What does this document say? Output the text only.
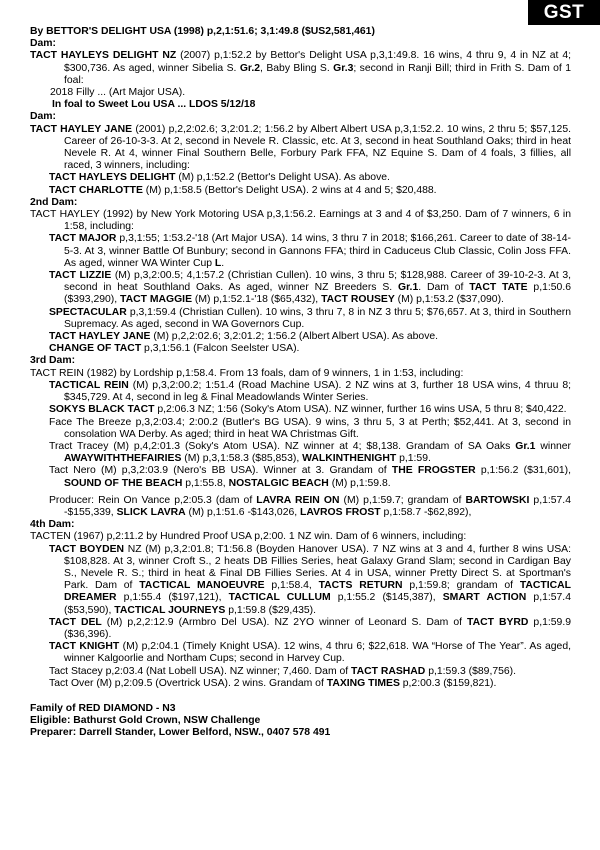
GST
By BETTOR'S DELIGHT USA (1998) p,2,1:51.6; 3,1:49.8 ($US2,581,461)
Dam:
TACT HAYLEYS DELIGHT NZ (2007) p,1:52.2 by Bettor's Delight USA p,3,1:49.8. 16 wins, 4 thru 9, 4 in NZ at 4; $300,736. As aged, winner Sibelia S. Gr.2, Baby Bling S. Gr.3; second in Ranji Bill; third in Frith S. Dam of 1 foal:
2018 Filly ... (Art Major USA).
In foal to Sweet Lou USA ... LDOS 5/12/18
Dam:
TACT HAYLEY JANE (2001) p,2,2:02.6; 3,2:01.2; 1:56.2 by Albert Albert USA p,3,1:52.2. 10 wins, 2 thru 5; $57,125. Career of 26-10-3-3. At 2, second in Nevele R. Classic, etc. At 3, second in heat Southland Oaks; third in heat Nevele R. At 4, winner Final Southern Belle, Forbury Park FFA, NZ Equine S. Dam of 4 foals, 3 fillies, all raced, 3 winners, including:
TACT HAYLEYS DELIGHT (M) p,1:52.2 (Bettor's Delight USA). As above.
TACT CHARLOTTE (M) p,1:58.5 (Bettor's Delight USA). 2 wins at 4 and 5; $20,488.
2nd Dam:
TACT HAYLEY (1992) by New York Motoring USA p,3,1:56.2. Earnings at 3 and 4 of $3,250. Dam of 7 winners, 6 in 1:58, including:
TACT MAJOR p,3,1:55; 1:53.2-'18 (Art Major USA). 14 wins, 3 thru 7 in 2018; $166,261. Career to date of 38-14-5-3. At 3, winner Battle Of Bunbury; second in Gannons FFA; third in Caduceus Club Classic, Colin Joss FFA. As aged, winner WA Winter Cup L.
TACT LIZZIE (M) p,3,2:00.5; 4,1:57.2 (Christian Cullen). 10 wins, 3 thru 5; $128,988. Career of 39-10-2-3. At 3, second in heat Southland Oaks. As aged, winner NZ Breeders S. Gr.1. Dam of TACT TATE p,1:50.6 ($393,290), TACT MAGGIE (M) p,1:52.1-'18 ($65,432), TACT ROUSEY (M) p,1:53.2 ($37,090).
SPECTACULAR p,3,1:59.4 (Christian Cullen). 10 wins, 3 thru 7, 8 in NZ 3 thru 5; $76,657. At 3, third in Southern Supremacy. As aged, second in WA Governors Cup.
TACT HAYLEY JANE (M) p,2,2:02.6; 3,2:01.2; 1:56.2 (Albert Albert USA). As above.
CHANGE OF TACT p,3,1:56.1 (Falcon Seelster USA).
3rd Dam:
TACT REIN (1982) by Lordship p,1:58.4. From 13 foals, dam of 9 winners, 1 in 1:53, including:
TACTICAL REIN (M) p,3,2:00.2; 1:51.4 (Road Machine USA). 2 NZ wins at 3, further 18 USA wins, 4 thruu 8; $345,729. At 4, second in leg & Final Meadowlands Winter Series.
SOKYS BLACK TACT p,2:06.3 NZ; 1:56 (Soky's Atom USA). NZ winner, further 16 wins USA, 5 thru 8; $40,422.
Face The Breeze p,3,2:03.4; 2:00.2 (Butler's BG USA). 9 wins, 3 thru 5, 3 at Perth; $52,441. At 3, second in consolation WA Derby. As aged; third in heat WA Christmas Gift.
Tract Tracey (M) p,4,2:01.3 (Soky's Atom USA). NZ winner at 4; $8,138. Grandam of SA Oaks Gr.1 winner AWAYWITHTHEFAIRIES (M) p,3,1:58.3 ($85,853), WALKINTHENIGHT p,1:59.
Tact Nero (M) p,3,2:03.9 (Nero's BB USA). Winner at 3. Grandam of THE FROGSTER p,1:56.2 ($31,601), SOUND OF THE BEACH p,1:55.8, NOSTALGIC BEACH (M) p,1:59.8.
Producer: Rein On Vance p,2:05.3 (dam of LAVRA REIN ON (M) p,1:59.7; grandam of BARTOWSKI p,1:57.4 -$155,339, SLICK LAVRA (M) p,1:51.6 -$143,026, LAVROS FROST p,1:58.7 -$62,892),
4th Dam:
TACTEN (1967) p,2:11.2 by Hundred Proof USA p,2:00. 1 NZ win. Dam of 6 winners, including:
TACT BOYDEN NZ (M) p,3,2:01.8; T1:56.8 (Boyden Hanover USA). 7 NZ wins at 3 and 4, further 8 wins USA: $108,828. At 3, winner Croft S., 2 heats DB Fillies Series, heat Galaxy Grand Slam; second in Cardigan Bay S., Nevele R. S.; third in heat & Final DB Fillies Series. At 4 in USA, winner Pretty Direct S. at Sportman's Park. Dam of TACTICAL MANOEUVRE p,1:58.4, TACTS RETURN p,1:59.8; grandam of TACTICAL DREAMER p,1:55.4 ($197,121), TACTICAL CULLUM p,1:55.2 ($145,387), SMART ACTION p,1:57.4 ($53,590), TACTICAL JOURNEYS p,1:59.8 ($29,435).
TACT DEL (M) p,2,2:12.9 (Armbro Del USA). NZ 2YO winner of Leonard S. Dam of TACT BYRD p,1:59.9 ($36,396).
TACT KNIGHT (M) p,2:04.1 (Timely Knight USA). 12 wins, 4 thru 6; $22,618. WA “Horse of The Year”. As aged, winner Kalgoorlie and Northam Cups; second in Harvey Cup.
Tact Stacey p,2:03.4 (Nat Lobell USA). NZ winner; 7,460. Dam of TACT RASHAD p,1:59.3 ($89,756).
Tact Over (M) p,2:09.5 (Overtrick USA). 2 wins. Grandam of TAXING TIMES p,2:00.3 ($159,821).
Family of RED DIAMOND - N3
Eligible: Bathurst Gold Crown, NSW Challenge
Preparer: Darrell Stander, Lower Belford, NSW., 0407 578 491
